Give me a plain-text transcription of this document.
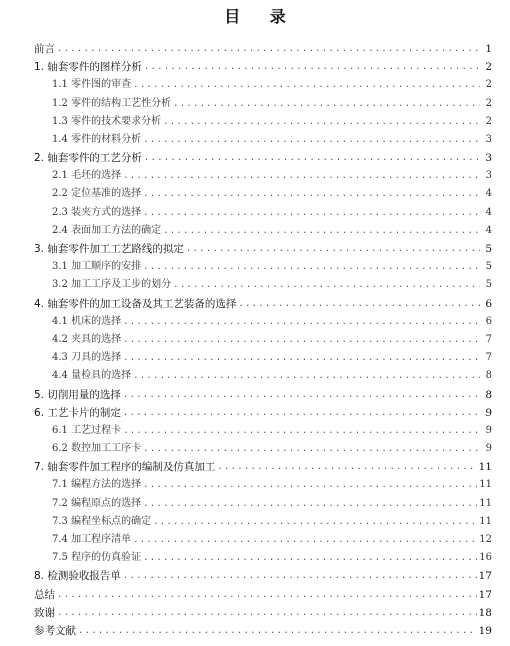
目 录
前言 .....	1
1. 轴套零件的图样分析 .....	2
1.1 零件图的审查 .....	2
1.2 零件的结构工艺性分析 .....	2
1.3 零件的技术要求分析 .....	2
1.4 零件的材料分析 .....	3
2. 轴套零件的工艺分析 .....	3
2.1 毛坯的选择 .....	3
2.2 定位基准的选择 .....	4
2.3 装夹方式的选择 .....	4
2.4 表面加工方法的确定 .....	4
3. 轴套零件加工工艺路线的拟定 .....	5
3.1 加工顺序的安排 .....	5
3.2 加工工序及工步的划分 .....	5
4. 轴套零件的加工设备及其工艺装备的选择 .....	6
4.1 机床的选择 .....	6
4.2 夹具的选择 .....	7
4.3 刀具的选择 .....	7
4.4 量检具的选择 .....	8
5. 切削用量的选择 .....	8
6. 工艺卡片的制定 .....	9
6.1 工艺过程卡 .....	9
6.2 数控加工工序卡 .....	9
7. 轴套零件加工程序的编制及仿真加工 .....	11
7.1 编程方法的选择 .....	11
7.2 编程原点的选择 .....	11
7.3 编程坐标点的确定 .....	11
7.4 加工程序清单 .....	12
7.5 程序的仿真验证 .....	16
8. 检测验收报告单 .....	17
总结 .....	17
致谢 .....	18
参考文献 .....	19
